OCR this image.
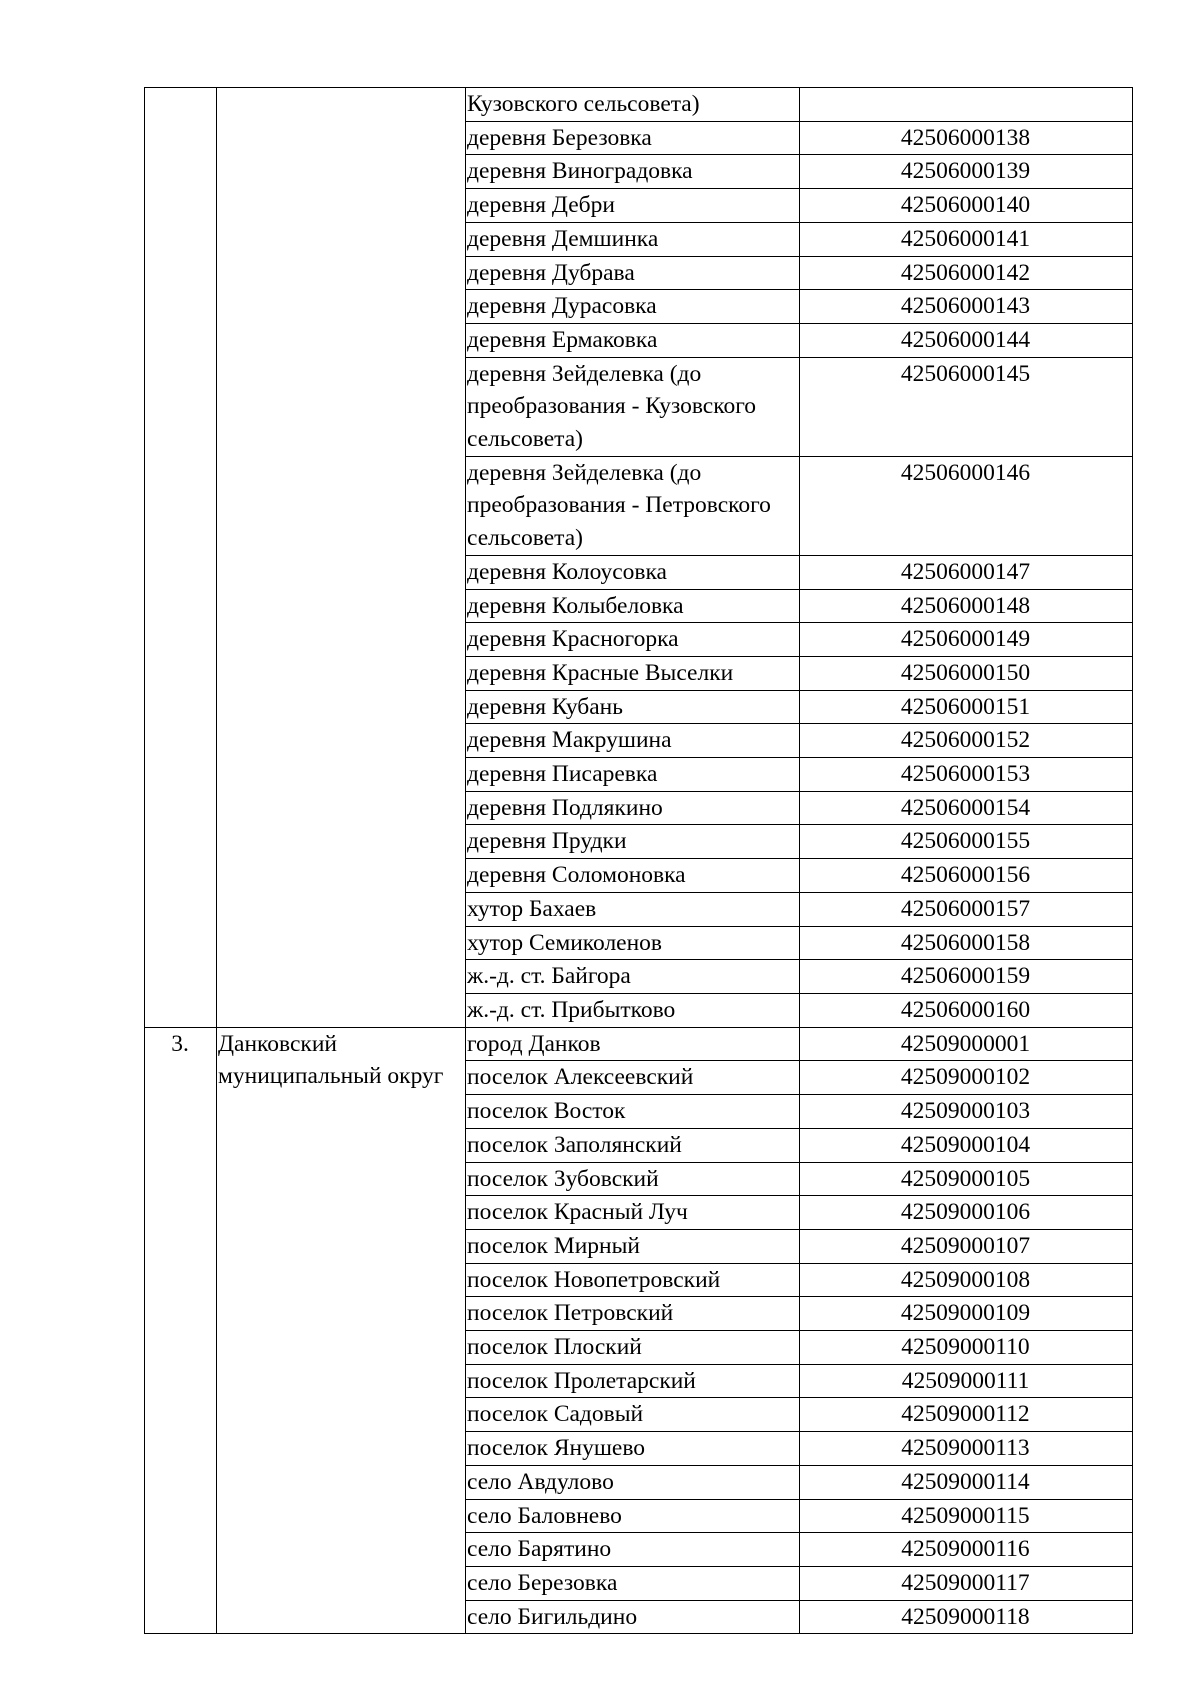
		Кузовского сельсовета)	
		деревня Березовка	42506000138
		деревня Виноградовка	42506000139
		деревня Дебри	42506000140
		деревня Демшинка	42506000141
		деревня Дубрава	42506000142
		деревня Дурасовка	42506000143
		деревня Ермаковка	42506000144
		деревня Зейделевка (до преобразования - Кузовского сельсовета)	42506000145
		деревня Зейделевка (до преобразования - Петровского сельсовета)	42506000146
		деревня Колоусовка	42506000147
		деревня Колыбеловка	42506000148
		деревня Красногорка	42506000149
		деревня Красные Выселки	42506000150
		деревня Кубань	42506000151
		деревня Макрушина	42506000152
		деревня Писаревка	42506000153
		деревня Подлякино	42506000154
		деревня Прудки	42506000155
		деревня Соломоновка	42506000156
		хутор Бахаев	42506000157
		хутор Семиколенов	42506000158
		ж.-д. ст. Байгора	42506000159
		ж.-д. ст. Прибытково	42506000160
3.	Данковский муниципальный округ	город Данков	42509000001
		поселок Алексеевский	42509000102
		поселок Восток	42509000103
		поселок Заполянский	42509000104
		поселок Зубовский	42509000105
		поселок Красный Луч	42509000106
		поселок Мирный	42509000107
		поселок Новопетровский	42509000108
		поселок Петровский	42509000109
		поселок Плоский	42509000110
		поселок Пролетарский	42509000111
		поселок Садовый	42509000112
		поселок Янушево	42509000113
		село Авдулово	42509000114
		село Баловнево	42509000115
		село Барятино	42509000116
		село Березовка	42509000117
		село Бигильдино	42509000118
